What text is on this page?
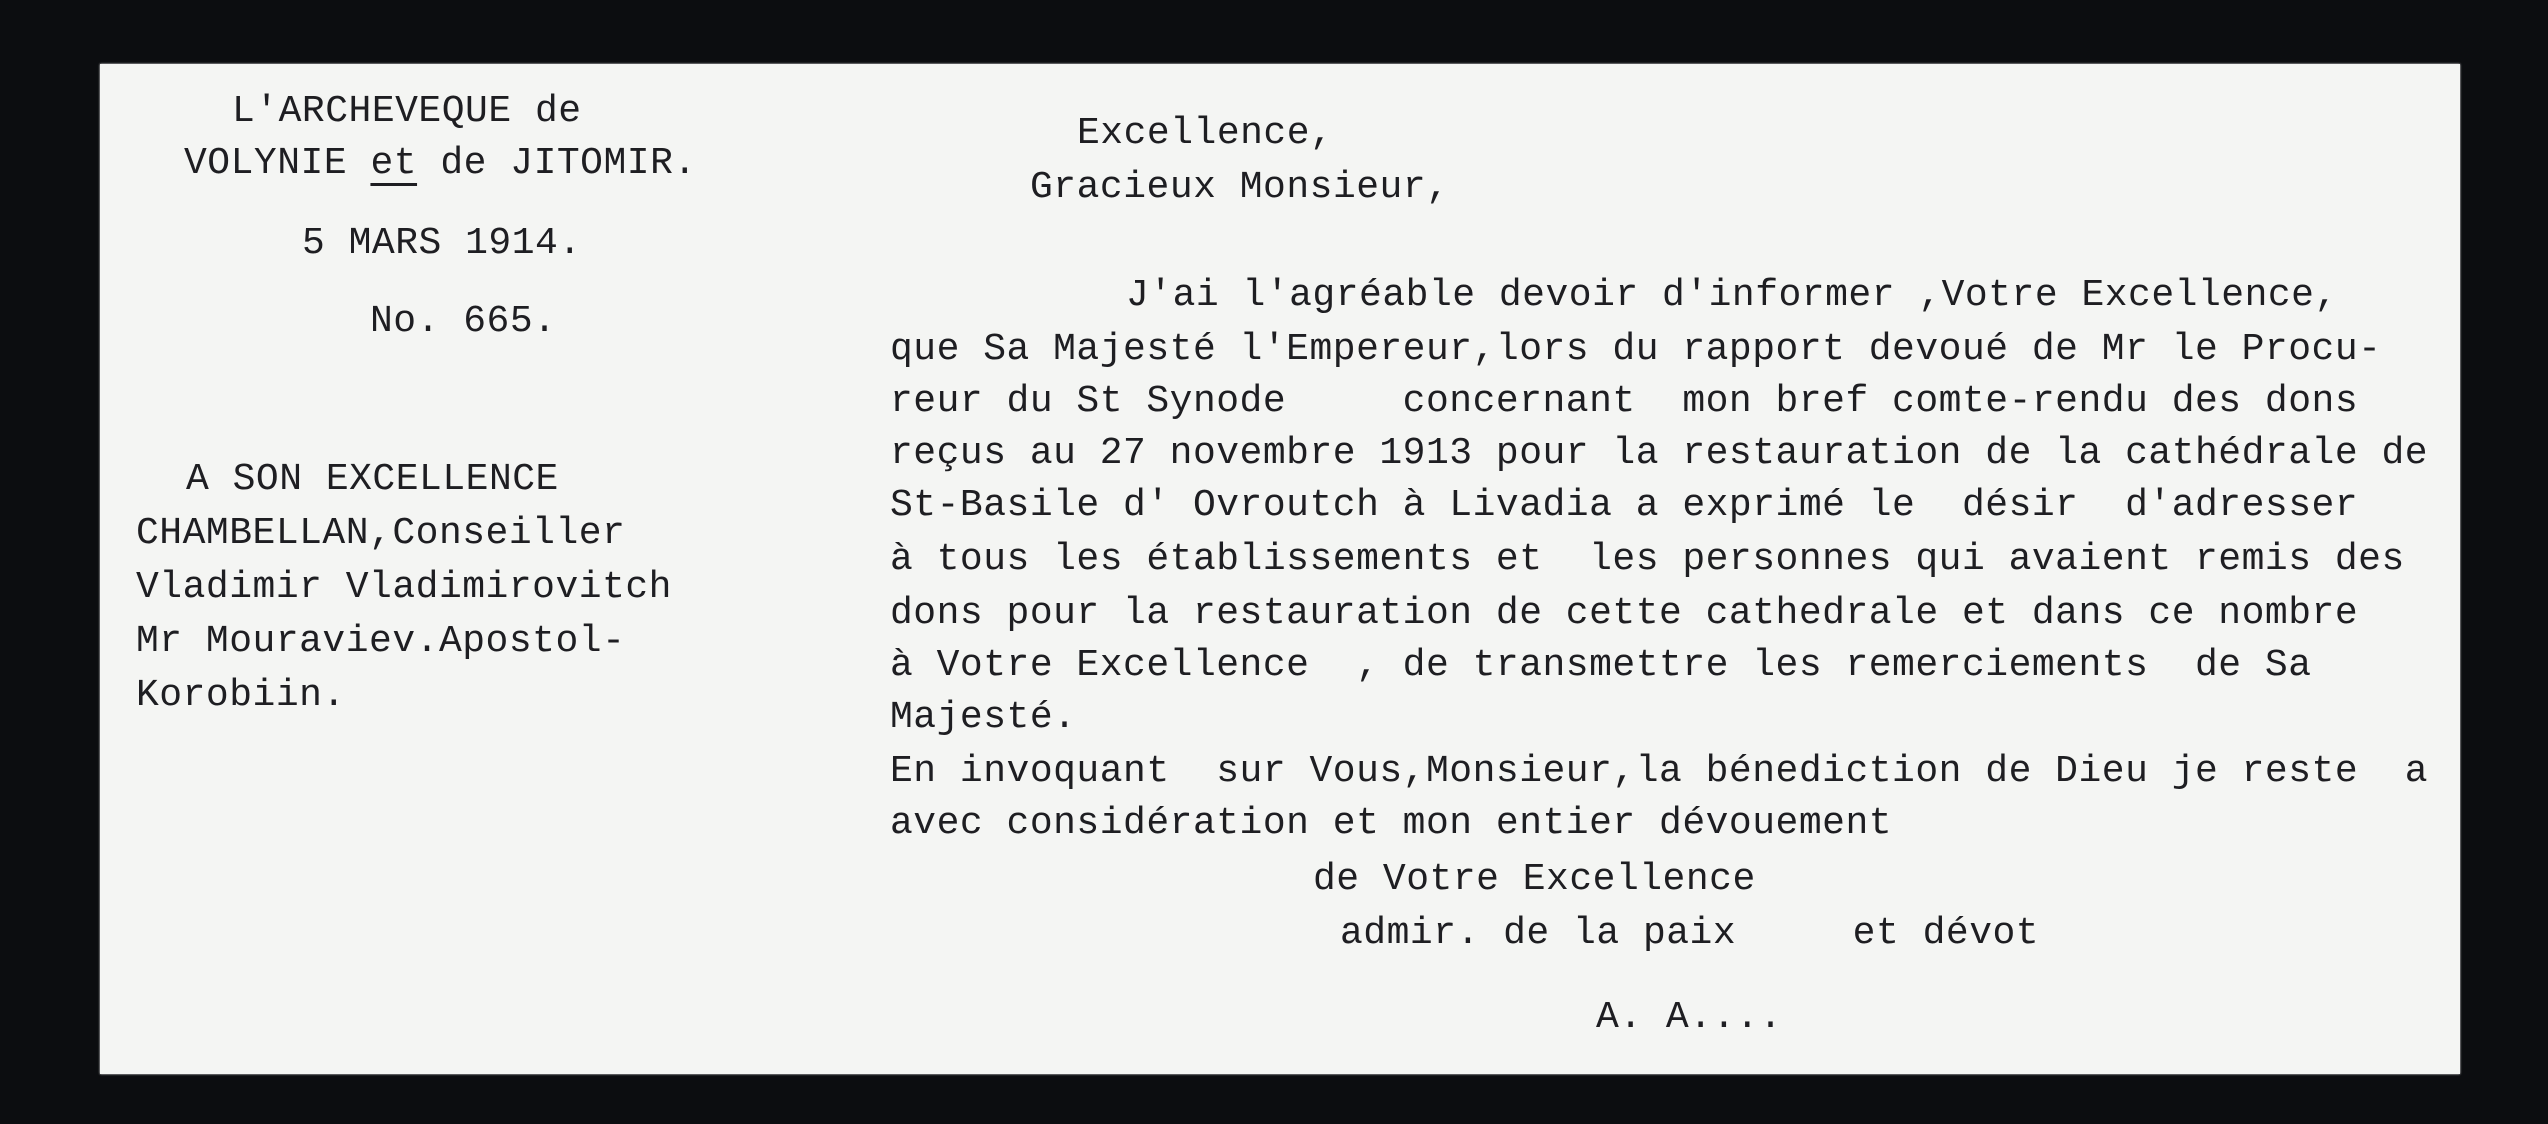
L'ARCHEVEQUE de

VOLYNIE et de JITOMIR.

5 MARS 1914.

No. 665.

A SON EXCELLENCE

CHAMBELLAN,Conseiller

Vladimir Vladimirovitch

Mr Mouraviev.Apostol-

Korobiin.

Excellence,

Gracieux Monsieur,

J'ai l'agréable devoir d'informer ,Votre Excellence,

que Sa Majesté l'Empereur,lors du rapport devoué de Mr le Procu-

reur du St Synode     concernant  mon bref comte-rendu des dons

reçus au 27 novembre 1913 pour la restauration de la cathédrale de

St-Basile d' Ovroutch à Livadia a exprimé le  désir  d'adresser

à tous les établissements et  les personnes qui avaient remis des

dons pour la restauration de cette cathedrale et dans ce nombre

à Votre Excellence  , de transmettre les remerciements  de Sa

Majesté.

En invoquant  sur Vous,Monsieur,la bénediction de Dieu je reste  a

avec considération et mon entier dévouement

de Votre Excellence

admir. de la paix     et dévot

A. A....
